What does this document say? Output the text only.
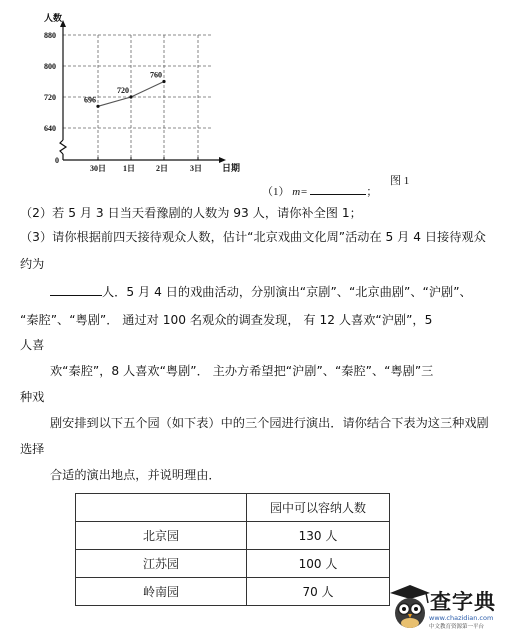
880
800
720
640
0
30日 1日	2日	3日
696
720
760
人数
日期
图 1
（1） m=	；
（2）若 5 月 3 日当天看豫剧的人数为 93 人，请你补全图 1；
（3）请你根据前四天接待观众人数，估计“北京戏曲文化周”活动在 5 月 4 日接待观众
约为
人．5 月 4 日的戏曲活动，分别演出“京剧”、“北京曲剧”、“沪剧”、
“秦腔”、“粤剧”． 通过对 100 名观众的调查发现， 有 12 人喜欢“沪剧”，5
人喜
欢“秦腔”，8 人喜欢“粤剧”． 主办方希望把“沪剧”、“秦腔”、“粤剧”三
种戏
剧安排到以下五个园（如下表）中的三个园进行演出．请你结合下表为这三种戏剧
选择
合适的演出地点，并说明理由．
	园中可以容纳人数
北京园	130 人
江苏园	100 人
岭南园	70 人	查字典
www.chazidian.com
中文教育资源第一平台
